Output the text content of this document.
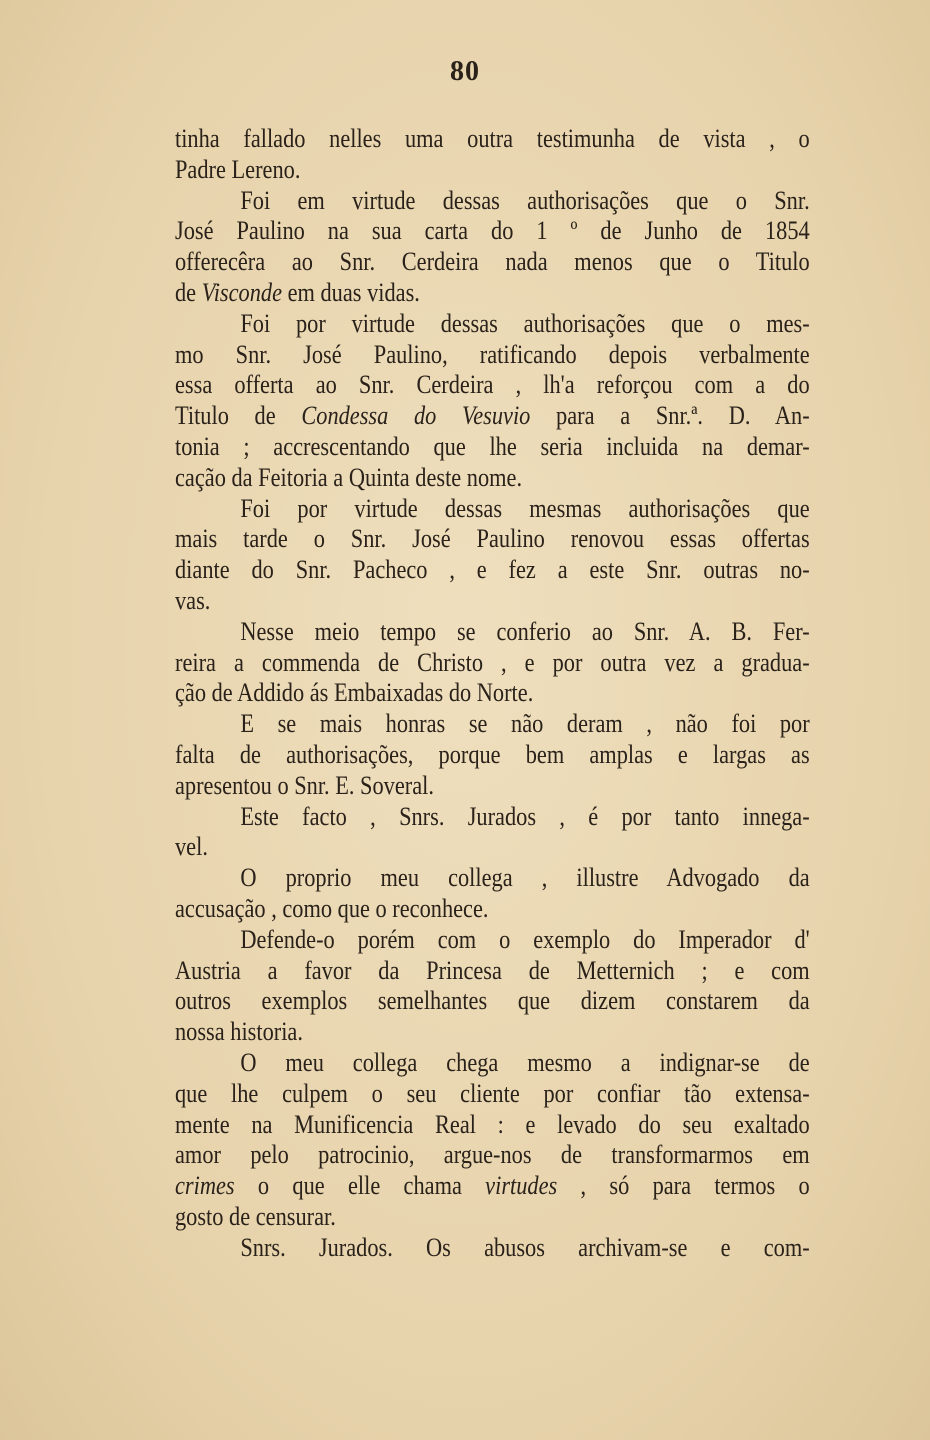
80
tinha fallado nelles uma outra testimunha de vista , o
Padre Lereno.
Foi em virtude dessas authorisações que o Snr.
José Paulino na sua carta do 1 º de Junho de 1854
offerecêra ao Snr. Cerdeira nada menos que o Titulo
de Visconde em duas vidas.
Foi por virtude dessas authorisações que o mes-
mo Snr. José Paulino, ratificando depois verbalmente
essa offerta ao Snr. Cerdeira , lh'a reforçou com a do
Titulo de Condessa do Vesuvio para a Snr.ª. D. An-
tonia ; accrescentando que lhe seria incluida na demar-
cação da Feitoria a Quinta deste nome.
Foi por virtude dessas mesmas authorisações que
mais tarde o Snr. José Paulino renovou essas offertas
diante do Snr. Pacheco , e fez a este Snr. outras no-
vas.
Nesse meio tempo se conferio ao Snr. A. B. Fer-
reira a commenda de Christo , e por outra vez a gradua-
ção de Addido ás Embaixadas do Norte.
E se mais honras se não deram , não foi por
falta de authorisações, porque bem amplas e largas as
apresentou o Snr. E. Soveral.
Este facto , Snrs. Jurados , é por tanto innega-
vel.
O proprio meu collega , illustre Advogado da
accusação , como que o reconhece.
Defende-o porém com o exemplo do Imperador d'
Austria a favor da Princesa de Metternich ; e com
outros exemplos semelhantes que dizem constarem da
nossa historia.
O meu collega chega mesmo a indignar-se de
que lhe culpem o seu cliente por confiar tão extensa-
mente na Munificencia Real : e levado do seu exaltado
amor pelo patrocinio, argue-nos de transformarmos em
crimes o que elle chama virtudes , só para termos o
gosto de censurar.
Snrs. Jurados. Os abusos archivam-se e com-
